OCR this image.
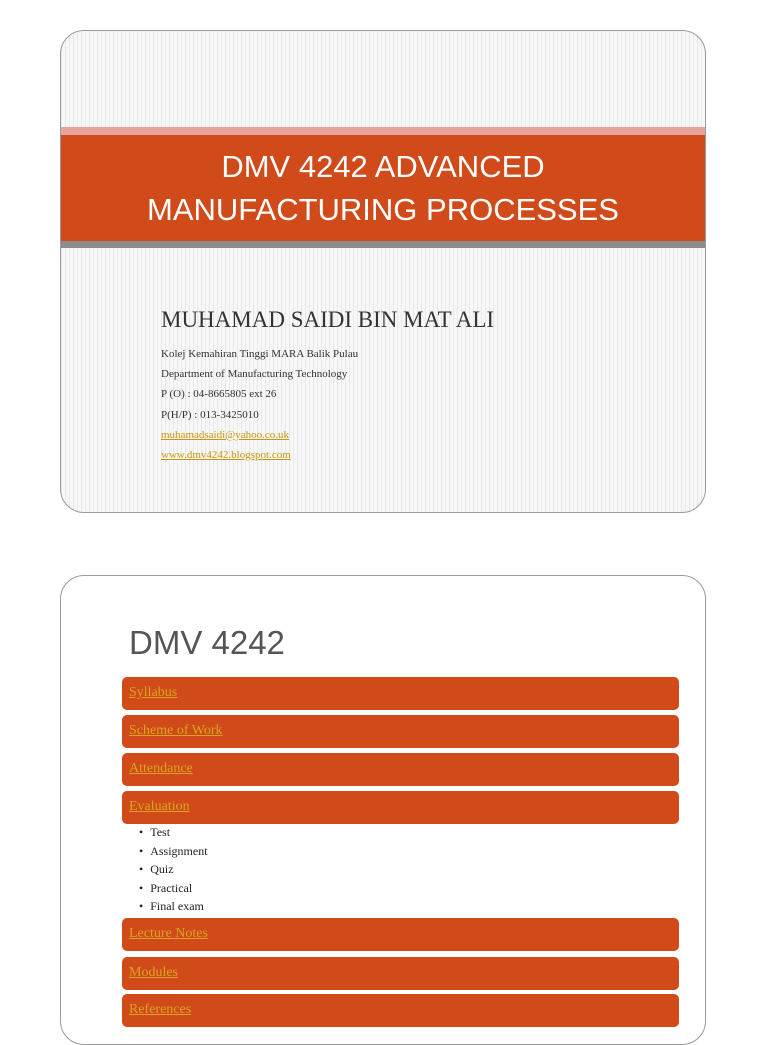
DMV 4242 ADVANCED MANUFACTURING PROCESSES
MUHAMAD SAIDI BIN MAT ALI
Kolej Kemahiran Tinggi MARA Balik Pulau
Department of Manufacturing Technology
P (O) : 04-8665805 ext 26
P(H/P) : 013-3425010
muhamadsaidi@yahoo.co.uk
www.dmv4242.blogspot.com
DMV 4242
Syllabus
Scheme of Work
Attendance
Evaluation
• Test
• Assignment
• Quiz
• Practical
• Final exam
Lecture Notes
Modules
References
